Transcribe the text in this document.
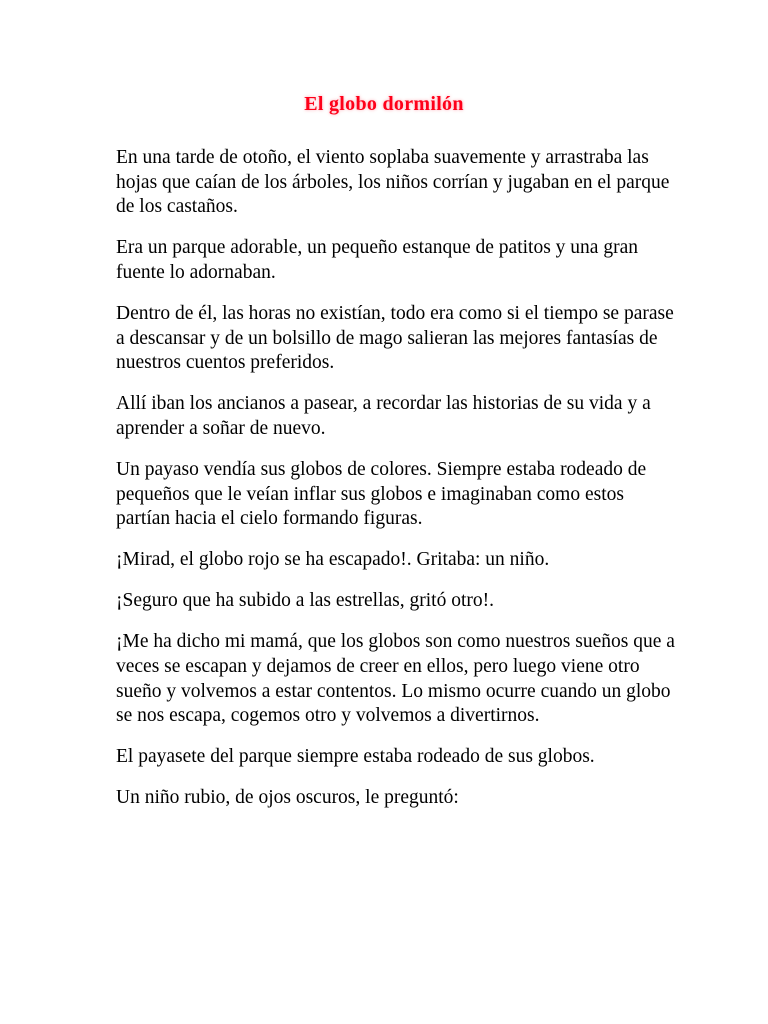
El globo dormilón

En una tarde de otoño, el viento soplaba suavemente y arrastraba las hojas que caían de los árboles, los niños corrían y jugaban en el parque de los castaños.

Era un parque adorable, un pequeño estanque de patitos y una gran fuente lo adornaban.

Dentro de él, las horas no existían, todo era como si el tiempo se parase a descansar y de un bolsillo de mago salieran las mejores fantasías de nuestros cuentos preferidos.

Allí iban los ancianos a pasear, a recordar las historias de su vida y a aprender a soñar de nuevo.

Un payaso vendía sus globos de colores. Siempre estaba rodeado de pequeños que le veían inflar sus globos e imaginaban como estos partían hacia el cielo formando figuras.

¡Mirad, el globo rojo se ha escapado!. Gritaba: un niño.

¡Seguro que ha subido a las estrellas, gritó otro!.

¡Me ha dicho mi mamá, que los globos son como nuestros sueños que a veces se escapan y dejamos de creer en ellos, pero luego viene otro sueño y volvemos a estar contentos. Lo mismo ocurre cuando un globo se nos escapa, cogemos otro y volvemos a divertirnos.

El payasete del parque siempre estaba rodeado de sus globos.

Un niño rubio, de ojos oscuros, le preguntó:
